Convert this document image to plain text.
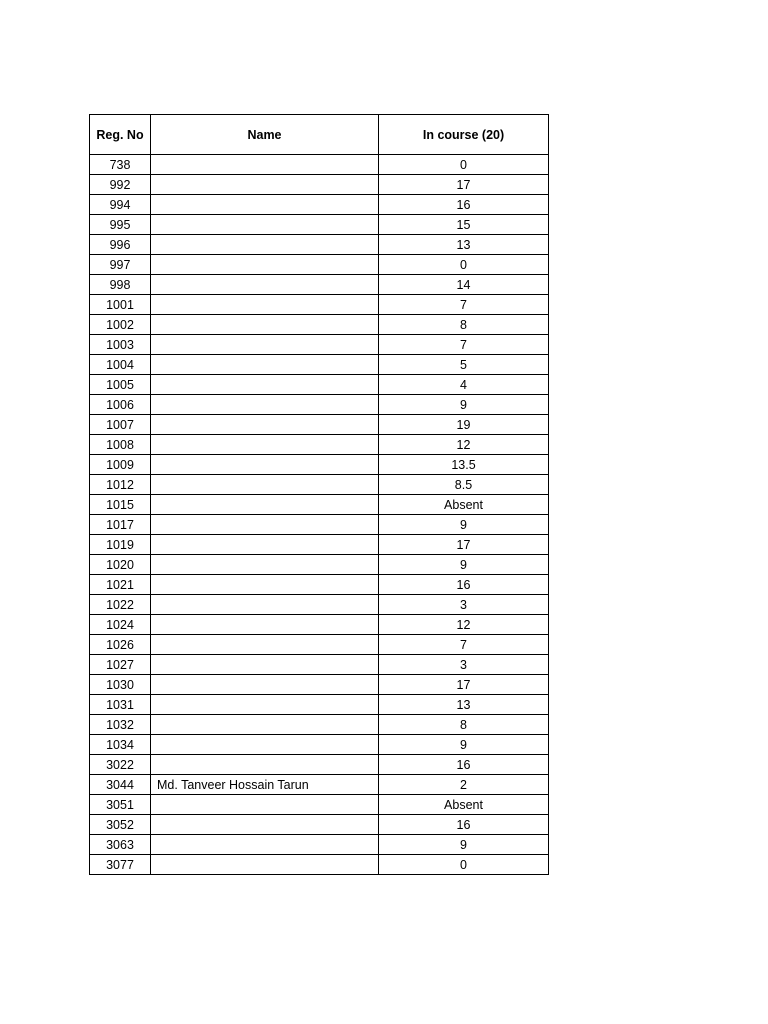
Reg. No	Name	In course (20)
738		0
992		17
994		16
995		15
996		13
997		0
998		14
1001		7
1002		8
1003		7
1004		5
1005		4
1006		9
1007		19
1008		12
1009		13.5
1012		8.5
1015		Absent
1017		9
1019		17
1020		9
1021		16
1022		3
1024		12
1026		7
1027		3
1030		17
1031		13
1032		8
1034		9
3022		16
3044	Md. Tanveer Hossain Tarun	2
3051		Absent
3052		16
3063		9
3077		0
